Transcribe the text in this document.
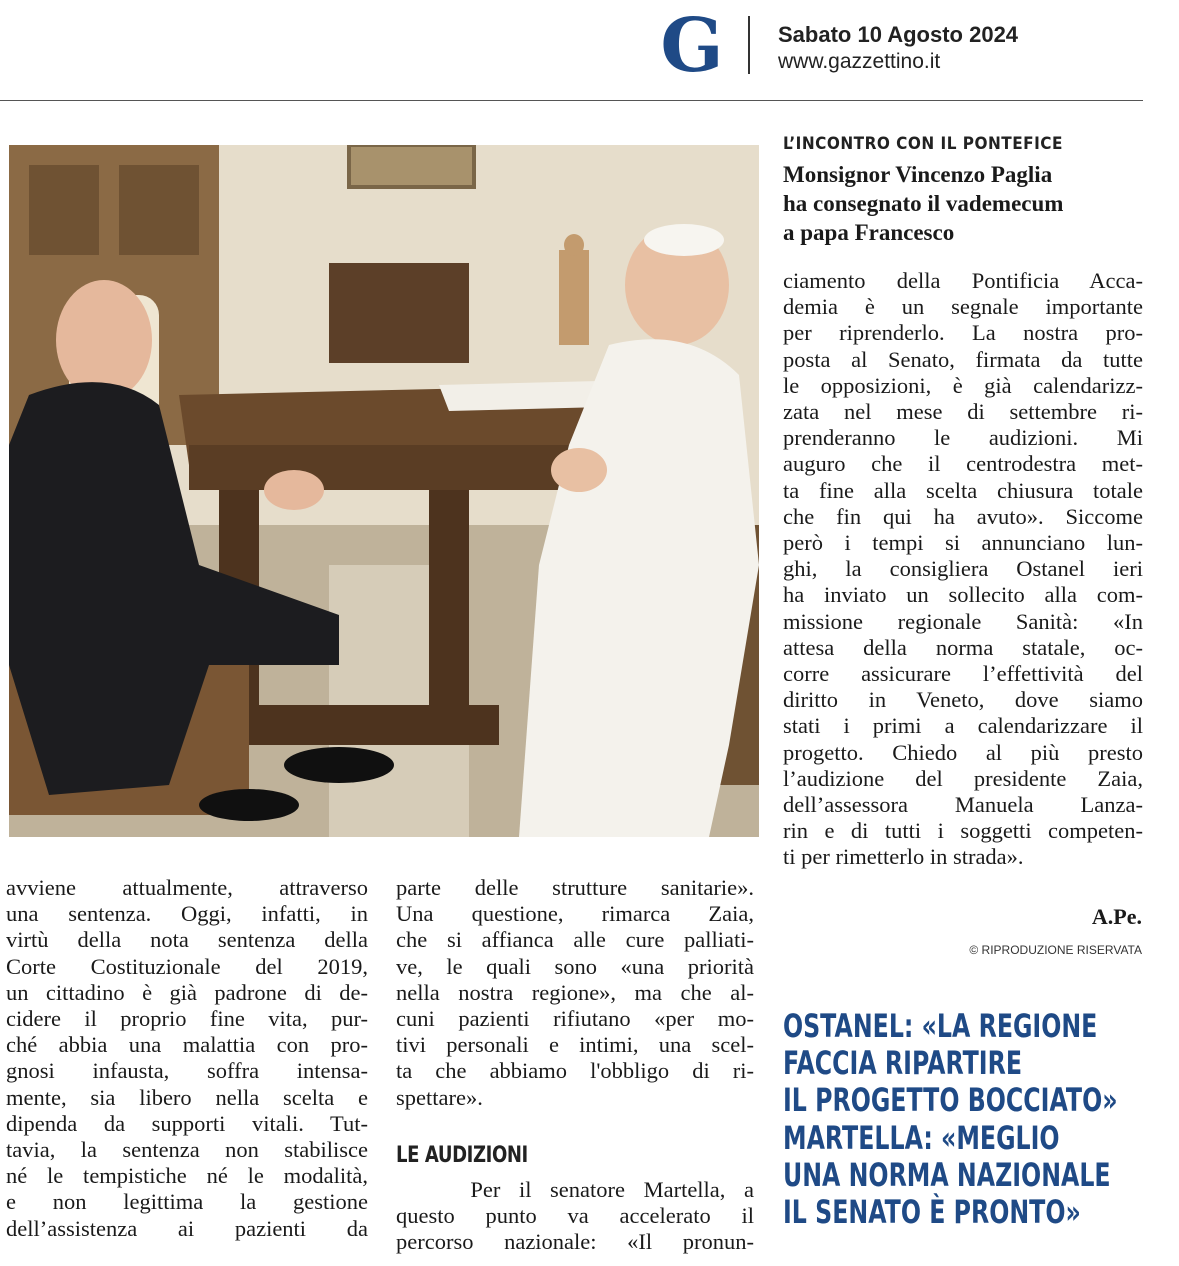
G	Sabato 10 Agosto 2024
www.gazzettino.it
L’INCONTRO CON IL PONTEFICE
Monsignor Vincenzo Paglia
ha consegnato il vademecum
a papa Francesco
ciamento della Pontificia Acca-
demia è un segnale importante
per riprenderlo. La nostra pro-
posta al Senato, firmata da tutte
le opposizioni, è già calendarizz-
zata nel mese di settembre ri-
prenderanno le audizioni. Mi
auguro che il centrodestra met-
ta fine alla scelta chiusura totale
che fin qui ha avuto». Siccome
però i tempi si annunciano lun-
ghi, la consigliera Ostanel ieri
ha inviato un sollecito alla com-
missione regionale Sanità: «In
attesa della norma statale, oc-
corre assicurare l’effettività del
diritto in Veneto, dove siamo
stati i primi a calendarizzare il
progetto. Chiedo al più presto
l’audizione del presidente Zaia,
dell’assessora Manuela Lanza-
rin e di tutti i soggetti competen-
ti per rimetterlo in strada».
A.Pe.
© RIPRODUZIONE RISERVATA
avviene attualmente, attraverso
una sentenza. Oggi, infatti, in
virtù della nota sentenza della
Corte Costituzionale del 2019,
un cittadino è già padrone di de-
cidere il proprio fine vita, pur-
ché abbia una malattia con pro-
gnosi infausta, soffra intensa-
mente, sia libero nella scelta e
dipenda da supporti vitali. Tut-
tavia, la sentenza non stabilisce
né le tempistiche né le modalità,
e non legittima la gestione
dell’assistenza ai pazienti da
parte delle strutture sanitarie».
Una questione, rimarca Zaia,
che si affianca alle cure palliati-
ve, le quali sono «una priorità
nella nostra regione», ma che al-
cuni pazienti rifiutano «per mo-
tivi personali e intimi, una scel-
ta che abbiamo l'obbligo di ri-
spettare».
LE AUDIZIONI
Per il senatore Martella, a
questo punto va accelerato il
percorso nazionale: «Il pronun-
OSTANEL: «LA REGIONE
FACCIA RIPARTIRE
IL PROGETTO BOCCIATO»
MARTELLA: «MEGLIO
UNA NORMA NAZIONALE
IL SENATO È PRONTO»
